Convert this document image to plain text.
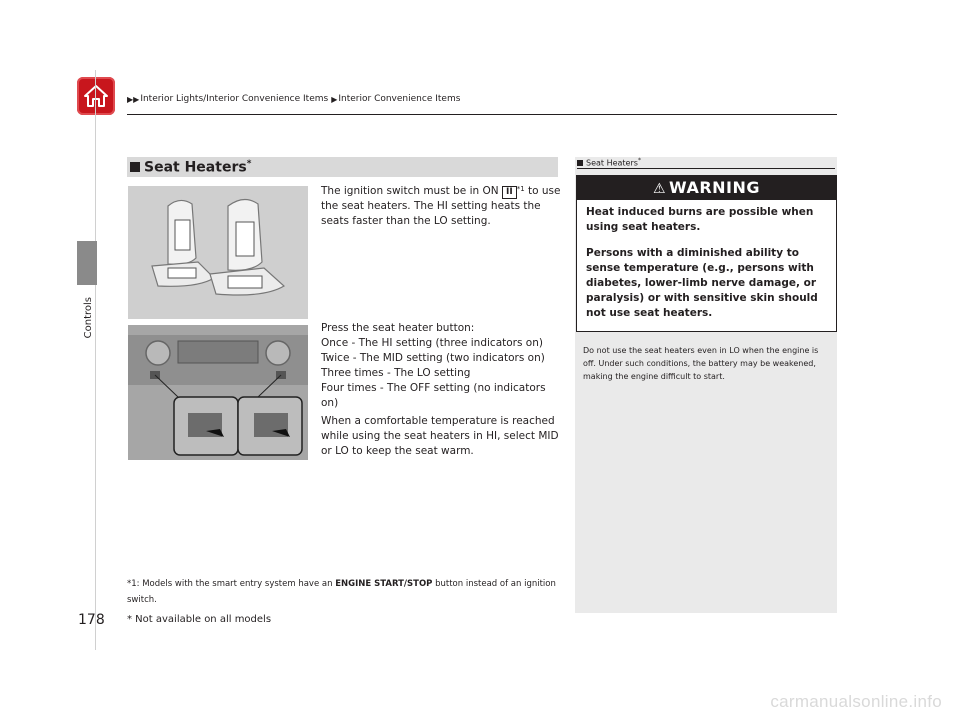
▶▶ Interior Lights/Interior Convenience Items ▶ Interior Convenience Items
Controls
178
Seat Heaters*
The ignition switch must be in ON II $^{*1}$ to use the seat heaters. The HI setting heats the seats faster than the LO setting.
Press the seat heater button:
Once - The HI setting (three indicators on)
Twice - The MID setting (two indicators on)
Three times - The LO setting
Four times - The OFF setting (no indicators on)
When a comfortable temperature is reached while using the seat heaters in HI, select MID or LO to keep the seat warm.
*1: Models with the smart entry system have an ENGINE START/STOP button instead of an ignition switch.
* Not available on all models
Seat Heaters*
⚠ WARNING
Heat induced burns are possible when using seat heaters.
Persons with a diminished ability to sense temperature (e.g., persons with diabetes, lower-limb nerve damage, or paralysis) or with sensitive skin should not use seat heaters.
Do not use the seat heaters even in LO when the engine is off. Under such conditions, the battery may be weakened, making the engine difficult to start.
carmanualsonline.info
